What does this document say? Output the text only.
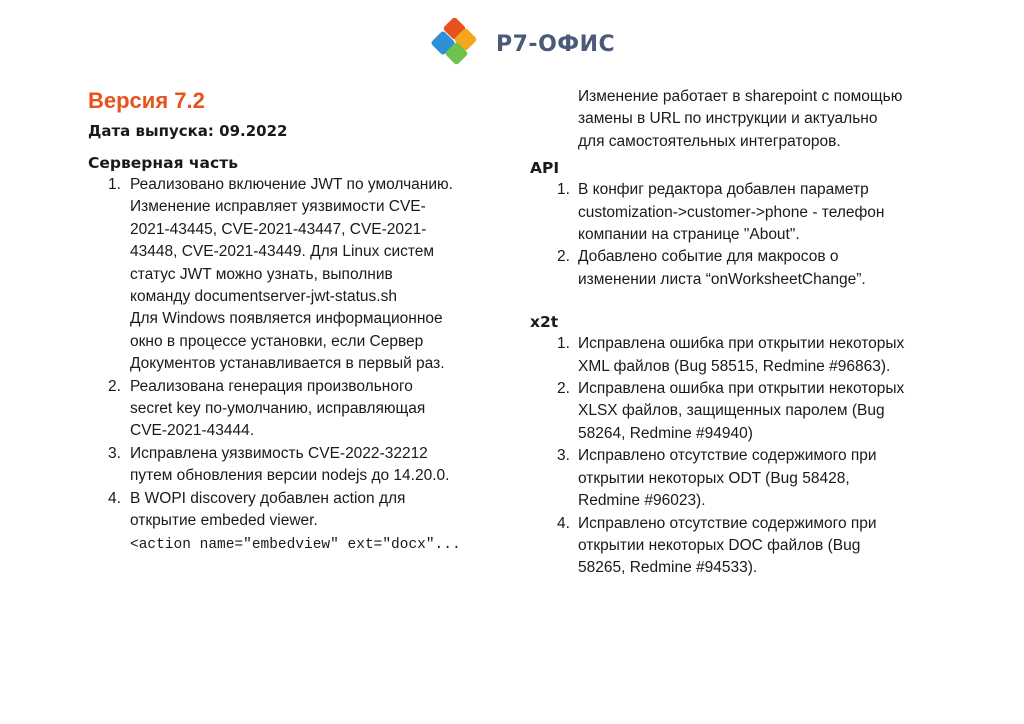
Р7-ОФИС
Версия 7.2

Дата выпуска: 09.2022

Серверная часть
1. Реализовано включение JWT по умолчанию.
Изменение исправляет уязвимости CVE-
2021-43445, CVE-2021-43447, CVE-2021-
43448, CVE-2021-43449. Для Linux систем
статус JWT можно узнать, выполнив
команду documentserver-jwt-status.sh
Для Windows появляется информационное
окно в процессе установки, если Сервер
Документов устанавливается в первый раз.
2. Реализована генерация произвольного
secret key по-умолчанию, исправляющая
CVE-2021-43444.
3. Исправлена уязвимость CVE-2022-32212
путем обновления версии nodejs до 14.20.0.
4. В WOPI discovery добавлен action для
открытие embeded viewer.
<action name="embedview" ext="docx"...

Изменение работает в sharepoint с помощью
замены в URL по инструкции и актуально
для самостоятельных интеграторов.

API
1. В конфиг редактора добавлен параметр
customization->customer->phone - телефон
компании на странице "About".
2. Добавлено событие для макросов о
изменении листа “onWorksheetChange”.
x2t
1. Исправлена ошибка при открытии некоторых
XML файлов (Bug 58515, Redmine #96863).
2. Исправлена ошибка при открытии некоторых
XLSX файлов, защищенных паролем (Bug
58264, Redmine #94940)
3. Исправлено отсутствие содержимого при
открытии некоторых ODT (Bug 58428,
Redmine #96023).
4. Исправлено отсутствие содержимого при
открытии некоторых DOC файлов (Bug
58265, Redmine #94533).
